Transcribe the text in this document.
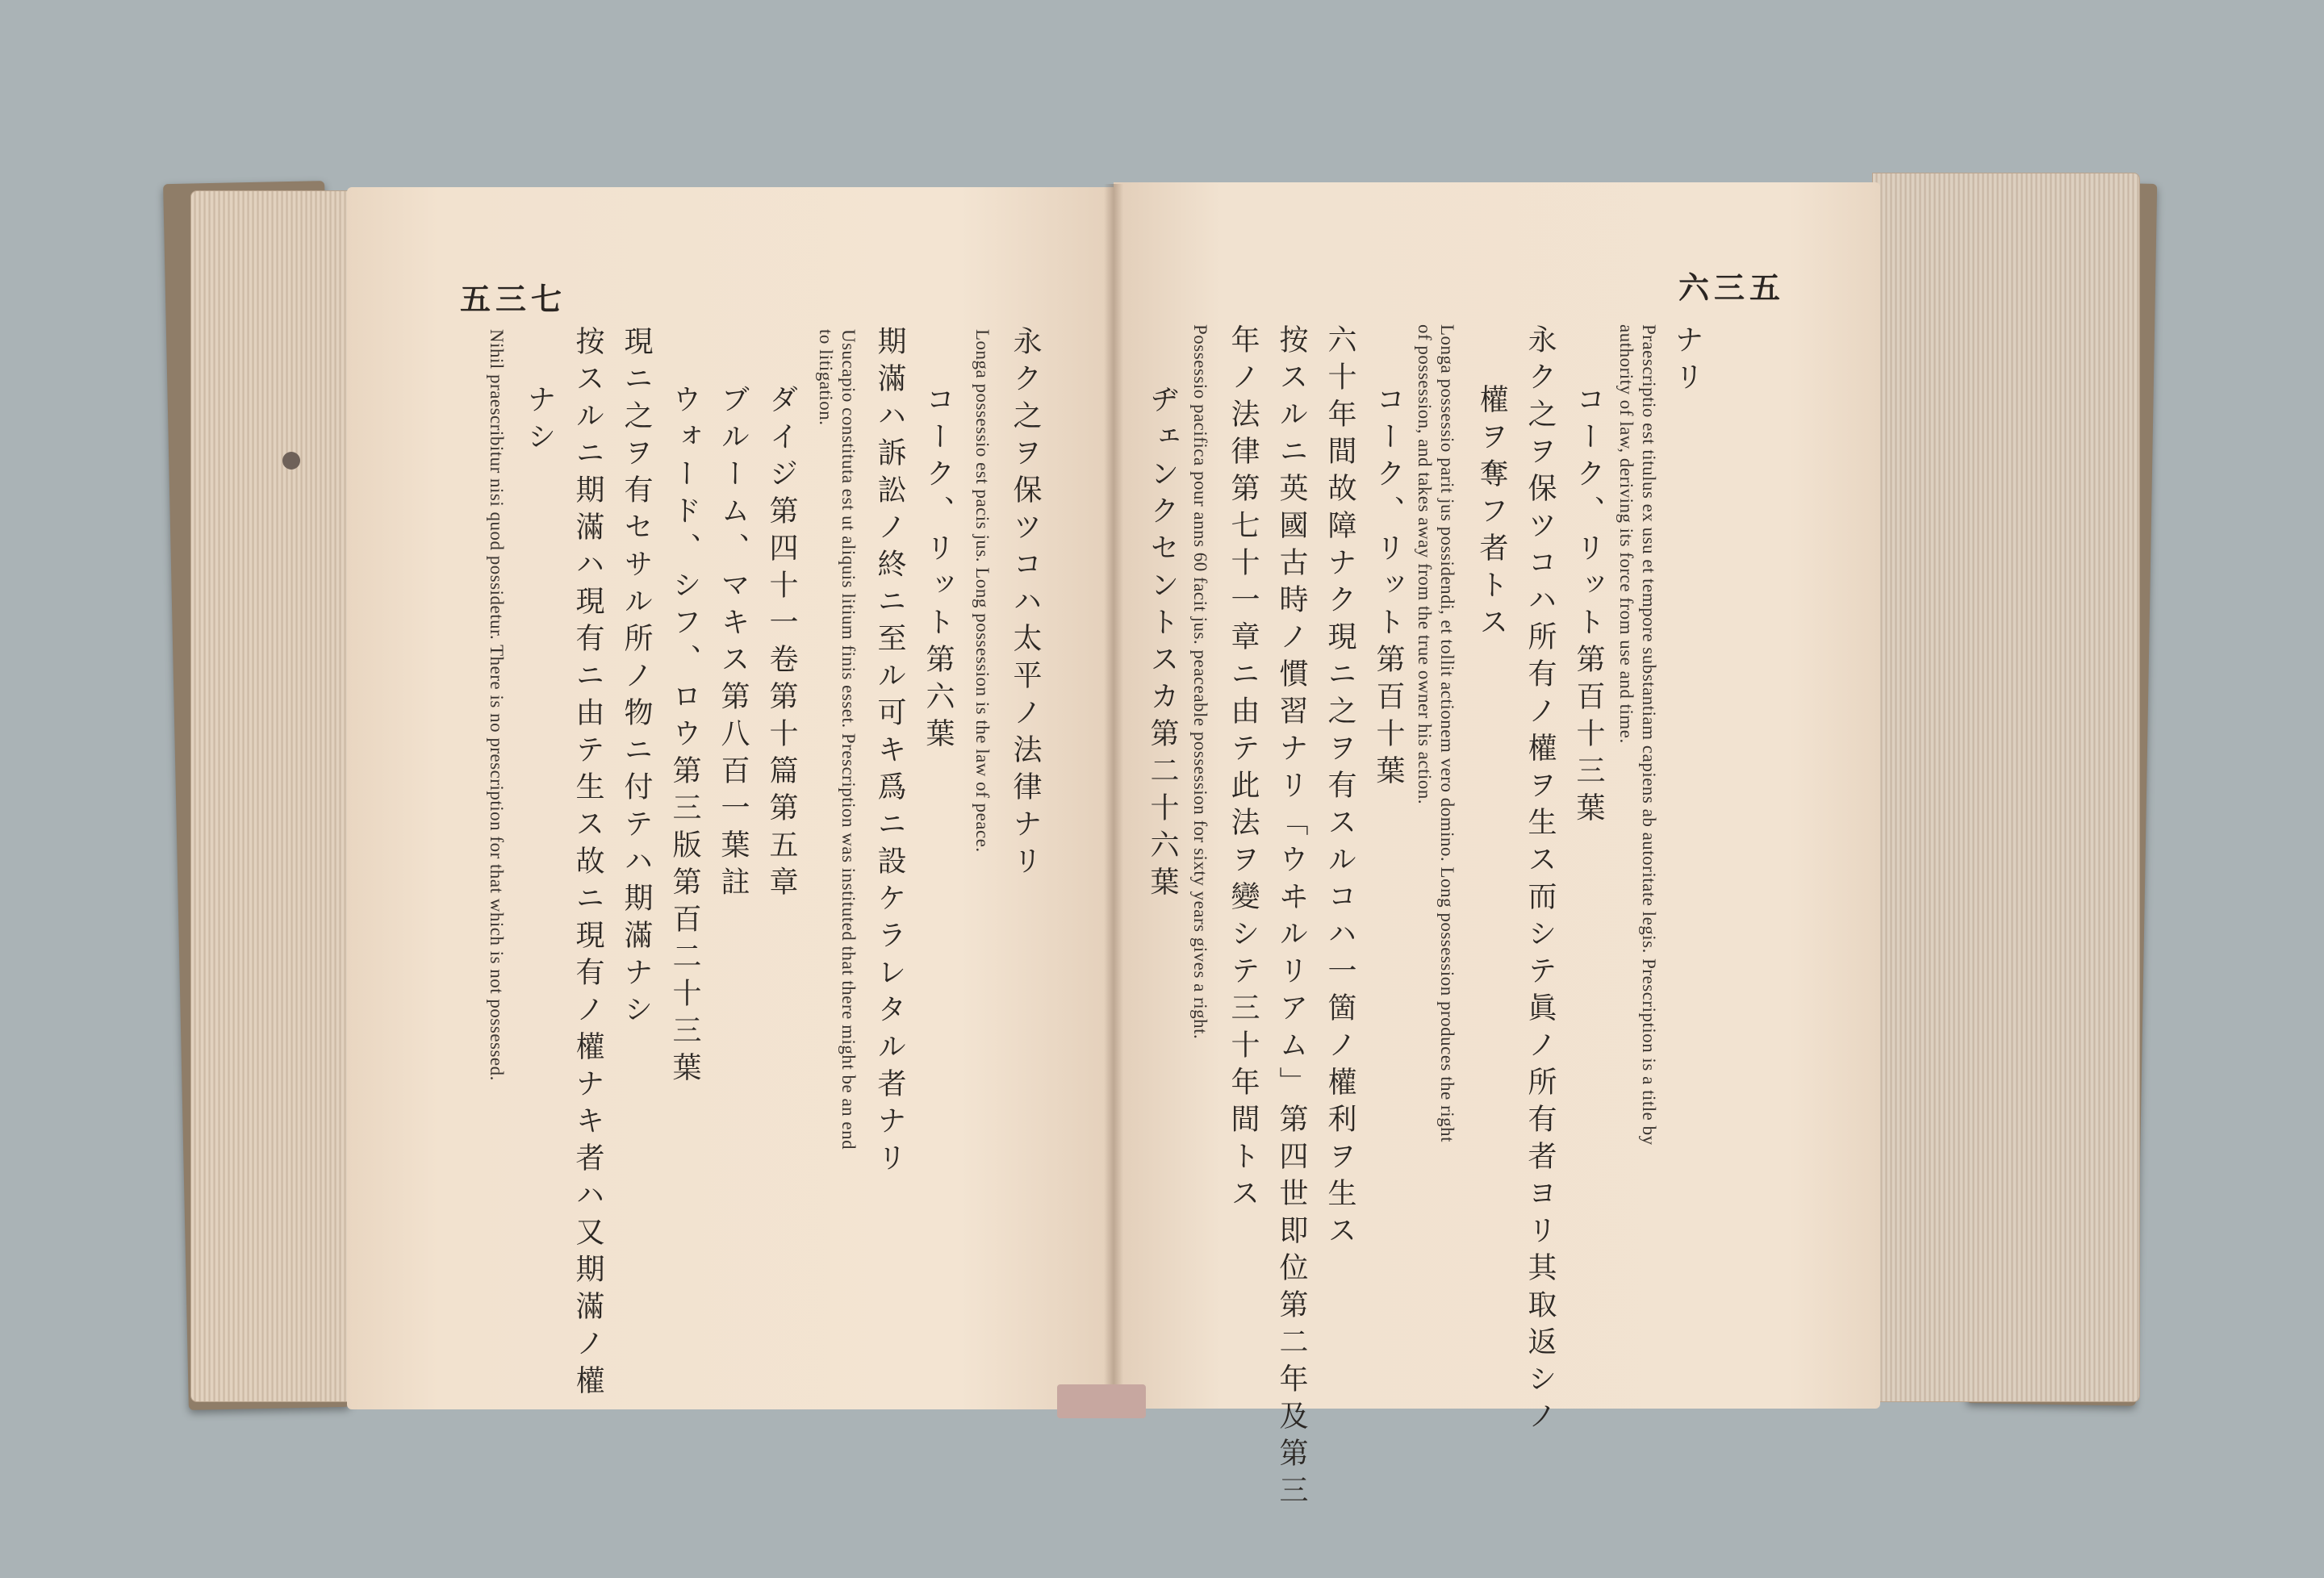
五三七
永ク之ヲ保ツコハ太平ノ法律ナリ
Longa possessio est pacis jus. Long possession is the law of peace.
コーク、リット第六葉
期滿ハ訴訟ノ終ニ至ル可キ爲ニ設ケラレタル者ナリ
Usucapio constituta est ut aliquis litium finis esset. Prescription was instituted that there might be an end
to litigation.
ダイジ第四十一卷第十篇第五章
ブルーム、マキス第八百一葉註
ウォード、シフ、ロウ第三版第百二十三葉
現ニ之ヲ有セサル所ノ物ニ付テハ期滿ナシ
按スルニ期滿ハ現有ニ由テ生ス故ニ現有ノ權ナキ者ハ又期滿ノ權
ナシ
Nihil praescribitur nisi quod possidetur. There is no prescription for that which is not possessed.
六三五
ナリ
Praescriptio est titulus ex usu et tempore substantiam capiens ab autoritate legis. Prescription is a title by
authority of law, deriving its force from use and time.
コーク、リット第百十三葉
永ク之ヲ保ツコハ所有ノ權ヲ生ス而シテ眞ノ所有者ヨリ其取返シノ
權ヲ奪フ者トス
Longa possessio parit jus possidendi, et tollit actionem vero domino. Long possession produces the right
of possession, and takes away from the true owner his action.
コーク、リット第百十葉
六十年間故障ナク現ニ之ヲ有スルコハ一箇ノ權利ヲ生ス
按スルニ英國古時ノ慣習ナリ「ウヰルリアム」第四世即位第二年及第三
年ノ法律第七十一章ニ由テ此法ヲ變シテ三十年間トス
Possessio pacifica pour anns 60 facit jus. peaceable possession for sixty years gives a right.
ヂェンクセントスカ第二十六葉
